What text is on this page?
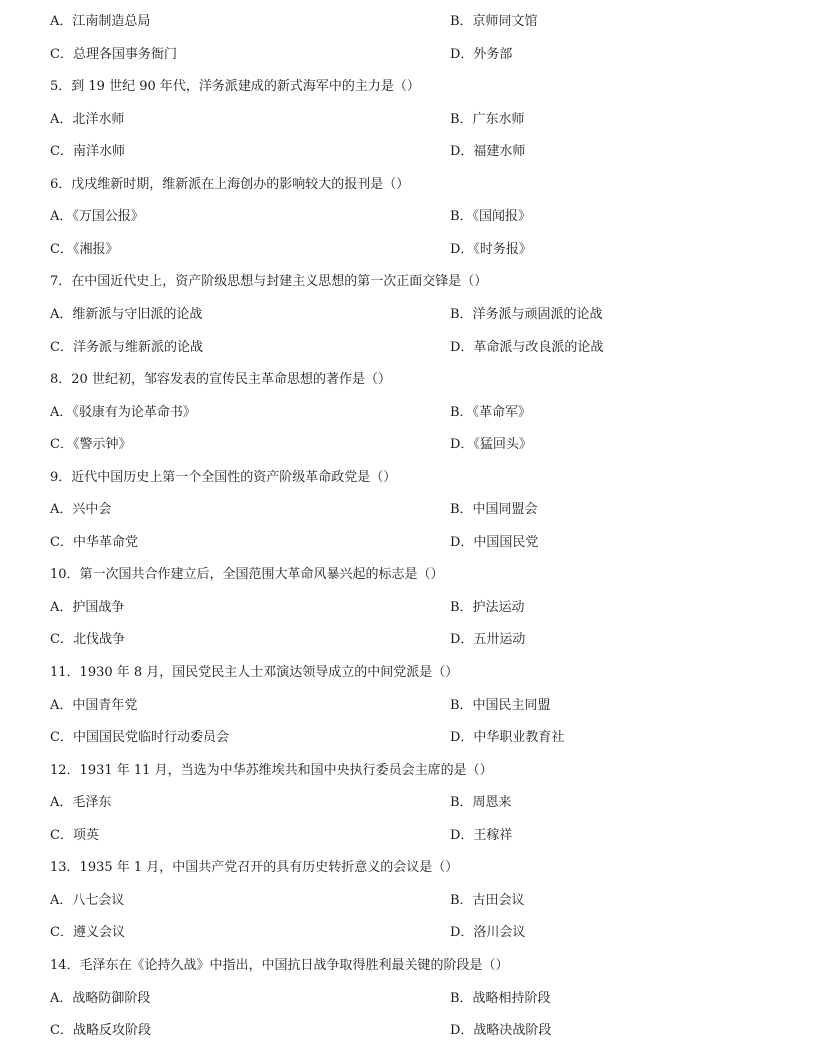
A．江南制造总局	B．京师同文馆
C．总理各国事务衙门	D．外务部
5．到 19 世纪 90 年代，洋务派建成的新式海军中的主力是（）
A．北洋水师	B．广东水师
C．南洋水师	D．福建水师
6．戊戌维新时期，维新派在上海创办的影响较大的报刊是（）
A．《万国公报》	B．《国闻报》
C．《湘报》	D．《时务报》
7．在中国近代史上，资产阶级思想与封建主义思想的第一次正面交锋是（）
A．维新派与守旧派的论战	B．洋务派与顽固派的论战
C．洋务派与维新派的论战	D．革命派与改良派的论战
8．20 世纪初，邹容发表的宣传民主革命思想的著作是（）
A．《驳康有为论革命书》	B．《革命军》
C．《警示钟》	D．《猛回头》
9．近代中国历史上第一个全国性的资产阶级革命政党是（）
A．兴中会	B．中国同盟会
C．中华革命党	D．中国国民党
10．第一次国共合作建立后，全国范围大革命风暴兴起的标志是（）
A．护国战争	B．护法运动
C．北伐战争	D．五卅运动
11．1930 年 8 月，国民党民主人士邓演达领导成立的中间党派是（）
A．中国青年党	B．中国民主同盟
C．中国国民党临时行动委员会	D．中华职业教育社
12．1931 年 11 月，当选为中华苏维埃共和国中央执行委员会主席的是（）
A．毛泽东	B．周恩来
C．项英	D．王稼祥
13．1935 年 1 月，中国共产党召开的具有历史转折意义的会议是（）
A．八七会议	B．古田会议
C．遵义会议	D．洛川会议
14．毛泽东在《论持久战》中指出，中国抗日战争取得胜利最关键的阶段是（）
A．战略防御阶段	B．战略相持阶段
C．战略反攻阶段	D．战略决战阶段
